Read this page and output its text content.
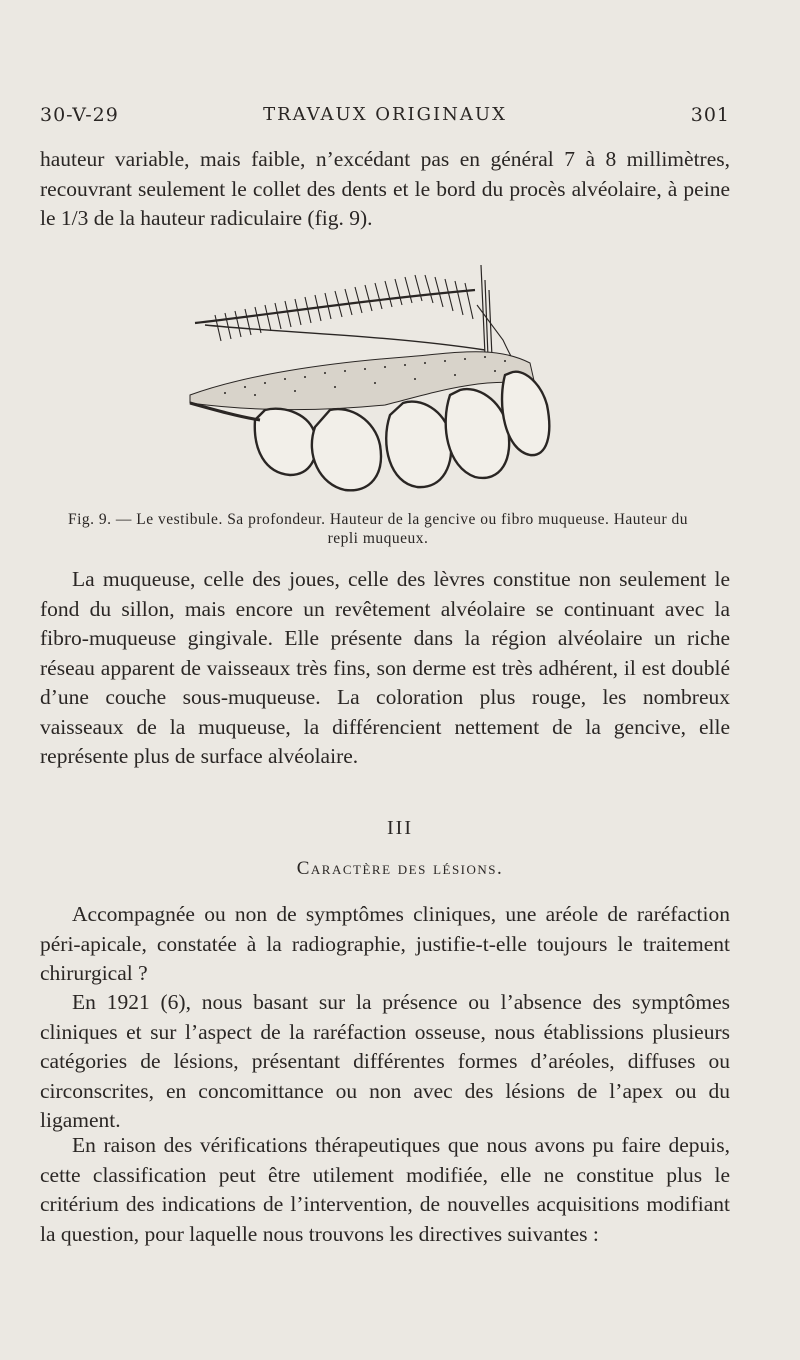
30-V-29	TRAVAUX ORIGINAUX	301

hauteur variable, mais faible, n’excédant pas en général 7 à 8 millimètres, recouvrant seulement le collet des dents et le bord du procès alvéolaire, à peine le 1/3 de la hauteur radiculaire (fig. 9).

Fig. 9. — Le vestibule. Sa profondeur. Hauteur de la gencive ou fibro muqueuse. Hauteur du repli muqueux.

La muqueuse, celle des joues, celle des lèvres constitue non seulement le fond du sillon, mais encore un revêtement alvéolaire se continuant avec la fibro-muqueuse gingivale. Elle présente dans la région alvéolaire un riche réseau apparent de vaisseaux très fins, son derme est très adhérent, il est doublé d’une couche sous-muqueuse. La coloration plus rouge, les nombreux vaisseaux de la muqueuse, la différencient nettement de la gencive, elle représente plus de surface alvéolaire.

III
Caractère des lésions.

Accompagnée ou non de symptômes cliniques, une aréole de raréfaction péri-apicale, constatée à la radiographie, justifie-t-elle toujours le traitement chirurgical ?

En 1921 (6), nous basant sur la présence ou l’absence des symptômes cliniques et sur l’aspect de la raréfaction osseuse, nous établissions plusieurs catégories de lésions, présentant différentes formes d’aréoles, diffuses ou circonscrites, en concomittance ou non avec des lésions de l’apex ou du ligament.

En raison des vérifications thérapeutiques que nous avons pu faire depuis, cette classification peut être utilement modifiée, elle ne constitue plus le critérium des indications de l’intervention, de nouvelles acquisitions modifiant la question, pour laquelle nous trouvons les directives suivantes :
